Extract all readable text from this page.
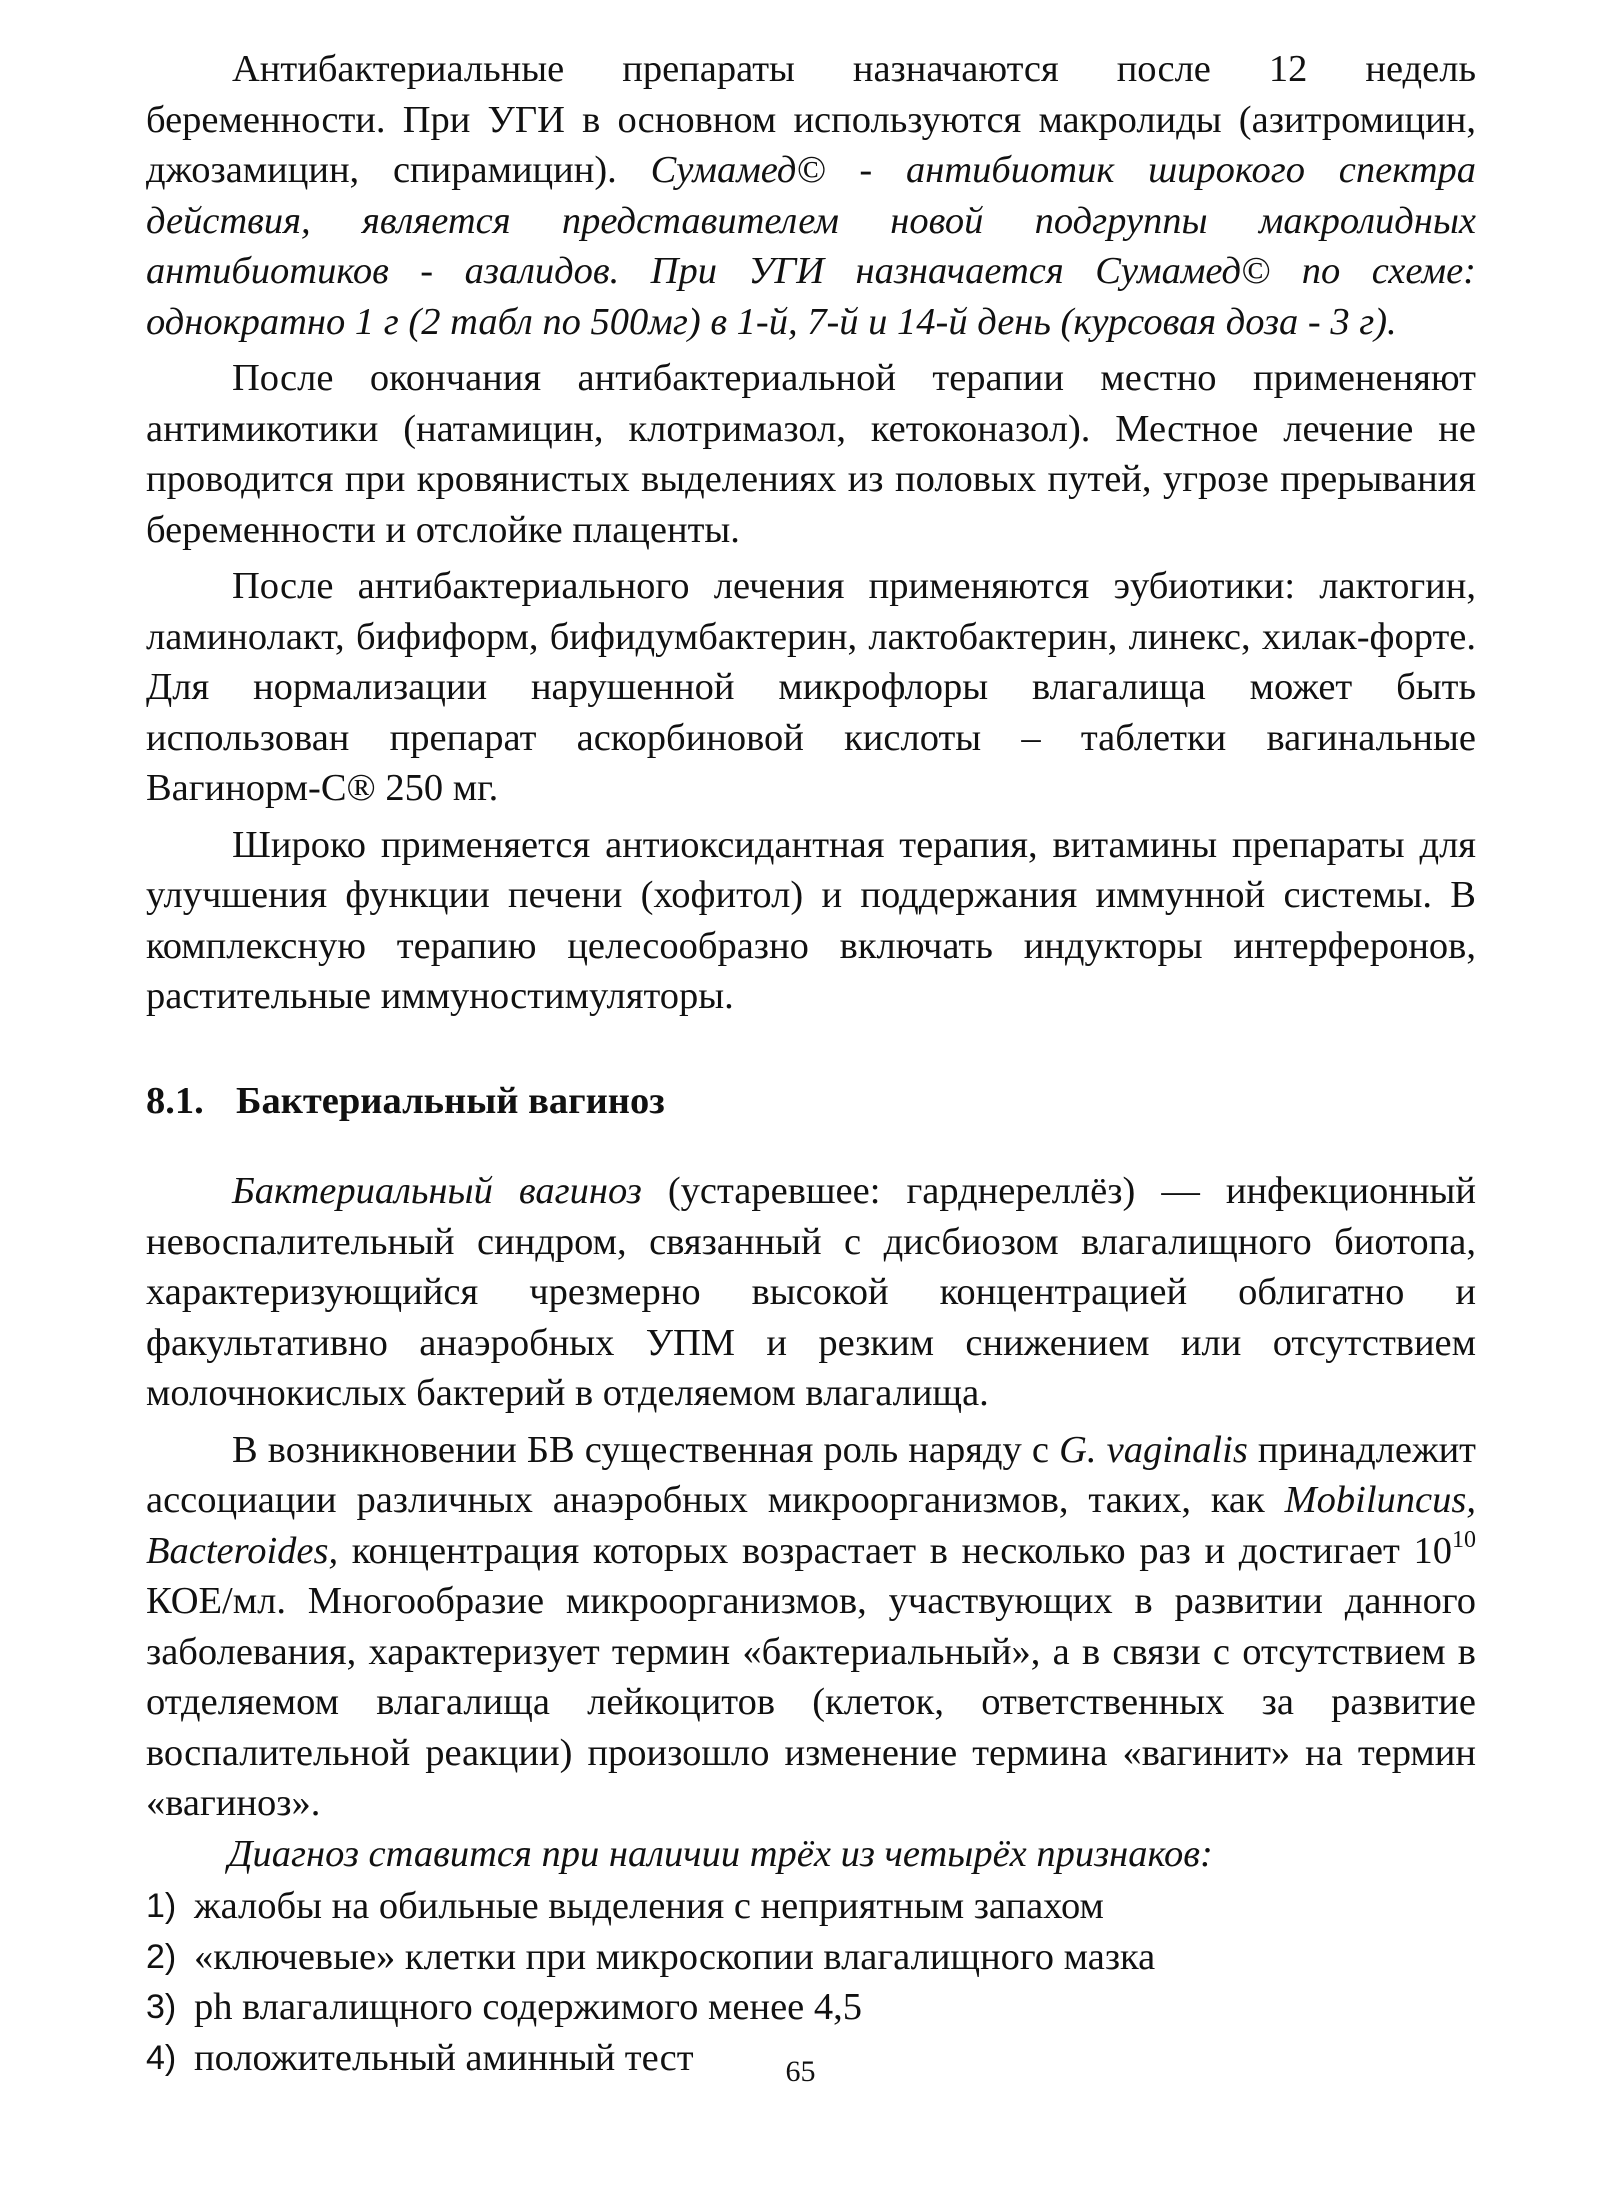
Антибактериальные препараты назначаются после 12 недель беременности. При УГИ в основном используются макролиды (азитромицин, джозамицин, спирамицин). Сумамед© - антибиотик широкого спектра действия, является представителем новой подгруппы макролидных антибиотиков - азалидов. При УГИ назначается Сумамед© по схеме: однократно 1 г (2 табл по 500мг) в 1-й, 7-й и 14-й день (курсовая доза - 3 г).

После окончания антибактериальной терапии местно примененяют антимикотики (натамицин, клотримазол, кетоконазол). Местное лечение не проводится при кровянистых выделениях из половых путей, угрозе прерывания беременности и отслойке плаценты.

После антибактериального лечения применяются эубиотики: лактогин, ламинолакт, бифиформ, бифидумбактерин, лактобактерин, линекс, хилак-форте. Для нормализации нарушенной микрофлоры влагалища может быть использован препарат аскорбиновой кислоты – таблетки вагинальные Вагинорм-С® 250 мг.

Широко применяется антиоксидантная терапия, витамины препараты для улучшения функции печени (хофитол) и поддержания иммунной системы. В комплексную терапию целесообразно включать индукторы интерферонов, растительные иммуностимуляторы.

8.1. Бактериальный вагиноз

Бактериальный вагиноз (устаревшее: гарднереллёз) — инфекционный невоспалительный синдром, связанный с дисбиозом влагалищного биотопа, характеризующийся чрезмерно высокой концентрацией облигатно и факультативно анаэробных УПМ и резким снижением или отсутствием молочнокислых бактерий в отделяемом влагалища.

В возникновении БВ существенная роль наряду с G. vaginalis принадлежит ассоциации различных анаэробных микроорганизмов, таких, как Mobiluncus, Bacteroides, концентрация которых возрастает в несколько раз и достигает $10^{10}$ КОЕ/мл. Многообразие микроорганизмов, участвующих в развитии данного заболевания, характеризует термин «бактериальный», а в связи с отсутствием в отделяемом влагалища лейкоцитов (клеток, ответственных за развитие воспалительной реакции) произошло изменение термина «вагинит» на термин «вагиноз».

Диагноз ставится при наличии трёх из четырёх признаков:

1) жалобы на обильные выделения с неприятным запахом
2) «ключевые» клетки при микроскопии влагалищного мазка
3) ph влагалищного содержимого менее 4,5
4) положительный аминный тест	65
